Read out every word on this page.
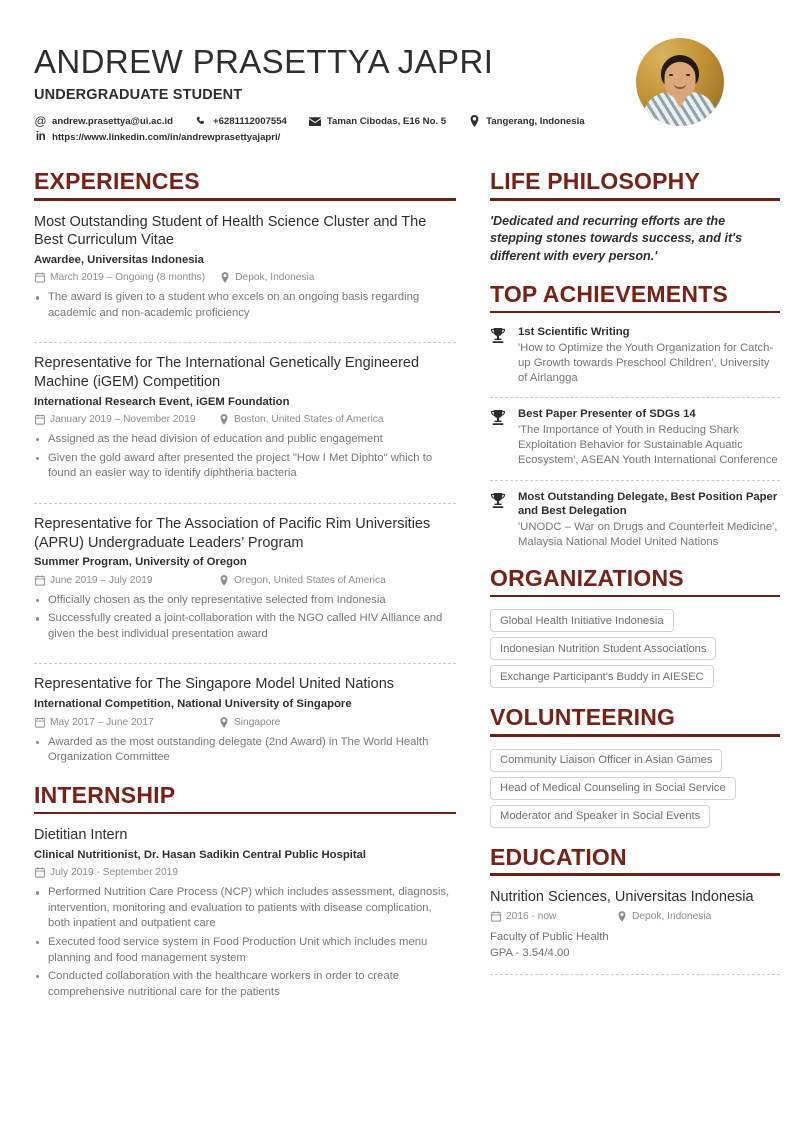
ANDREW PRASETTYA JAPRI
UNDERGRADUATE STUDENT
@ andrew.prasettya@ui.ac.id	+6281112007554	Taman Cibodas, E16 No. 5	Tangerang, Indonesia
in https://www.linkedin.com/in/andrewprasettyajapri/
EXPERIENCES
Most Outstanding Student of Health Science Cluster and The Best Curriculum Vitae
Awardee, Universitas Indonesia
March 2019 – Ongoing (8 months)	Depok, Indonesia
The award is given to a student who excels on an ongoing basis regarding academic and non-academic proficiency
Representative for The International Genetically Engineered Machine (iGEM) Competition
International Research Event, iGEM Foundation
January 2019 – November 2019	Boston, United States of America
Assigned as the head division of education and public engagement
Given the gold award after presented the project "How I Met Diphto" which to found an easier way to identify diphtheria bacteria
Representative for The Association of Pacific Rim Universities (APRU) Undergraduate Leaders’ Program
Summer Program, University of Oregon
June 2019 – July 2019	Oregon, United States of America
Officially chosen as the only representative selected from Indonesia
Successfully created a joint-collaboration with the NGO called HIV Alliance and given the best individual presentation award
Representative for The Singapore Model United Nations
International Competition, National University of Singapore
May 2017 – June 2017	Singapore
Awarded as the most outstanding delegate (2nd Award) in The World Health Organization Committee
INTERNSHIP
Dietitian Intern
Clinical Nutritionist, Dr. Hasan Sadikin Central Public Hospital
July 2019 - September 2019
Performed Nutrition Care Process (NCP) which includes assessment, diagnosis, intervention, monitoring and evaluation to patients with disease complication, both inpatient and outpatient care
Executed food service system in Food Production Unit which includes menu planning and food management system
Conducted collaboration with the healthcare workers in order to create comprehensive nutritional care for the patients
LIFE PHILOSOPHY
'Dedicated and recurring efforts are the stepping stones towards success, and it's different with every person.'
TOP ACHIEVEMENTS
1st Scientific Writing
'How to Optimize the Youth Organization for Catch-up Growth towards Preschool Children', University of Airlangga
Best Paper Presenter of SDGs 14
'The Importance of Youth in Reducing Shark Exploitation Behavior for Sustainable Aquatic Ecosystem', ASEAN Youth International Conference
Most Outstanding Delegate, Best Position Paper and Best Delegation
'UNODC – War on Drugs and Counterfeit Medicine', Malaysia National Model United Nations
ORGANIZATIONS
Global Health Initiative Indonesia
Indonesian Nutrition Student Associations
Exchange Participant's Buddy in AIESEC
VOLUNTEERING
Community Liaison Officer in Asian Games
Head of Medical Counseling in Social Service
Moderator and Speaker in Social Events
EDUCATION
Nutrition Sciences, Universitas Indonesia
2016 - now	Depok, Indonesia
Faculty of Public Health
GPA - 3.54/4.00
